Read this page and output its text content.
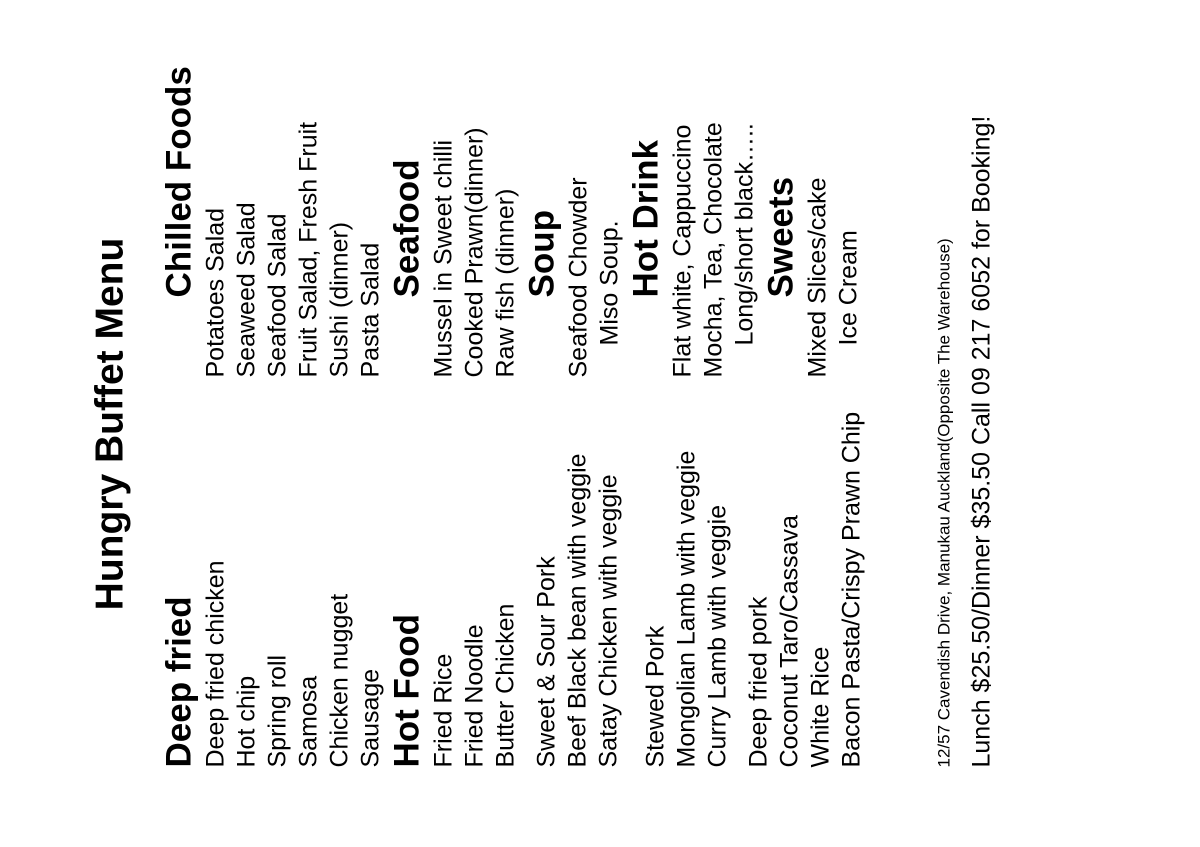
Hungry Buffet Menu
Deep fried Deep fried chicken Hot chip Spring roll Samosa Chicken nugget Sausage Hot Food Fried Rice Fried Noodle Butter Chicken Sweet & Sour Pork Beef Black bean with veggie Satay Chicken with veggie Stewed Pork Mongolian Lamb with veggie Curry Lamb with veggie Deep fried pork Coconut Taro/Cassava White Rice Bacon Pasta/Crispy Prawn Chip
Chilled Foods Potatoes Salad Seaweed Salad Seafood Salad Fruit Salad, Fresh Fruit Sushi (dinner) Pasta Salad
Seafood Mussel in Sweet chilli Cooked Prawn(dinner) Raw fish (dinner) Soup Seafood Chowder Miso Soup. Hot Drink Flat white, Cappuccino Mocha, Tea, Chocolate Long/short black….. Sweets Mixed Slices/cake Ice Cream	12/57 Cavendish Drive, Manukau Auckland(Opposite The Warehouse) Lunch $25.50/Dinner $35.50 Call 09 217 6052 for Booking!
